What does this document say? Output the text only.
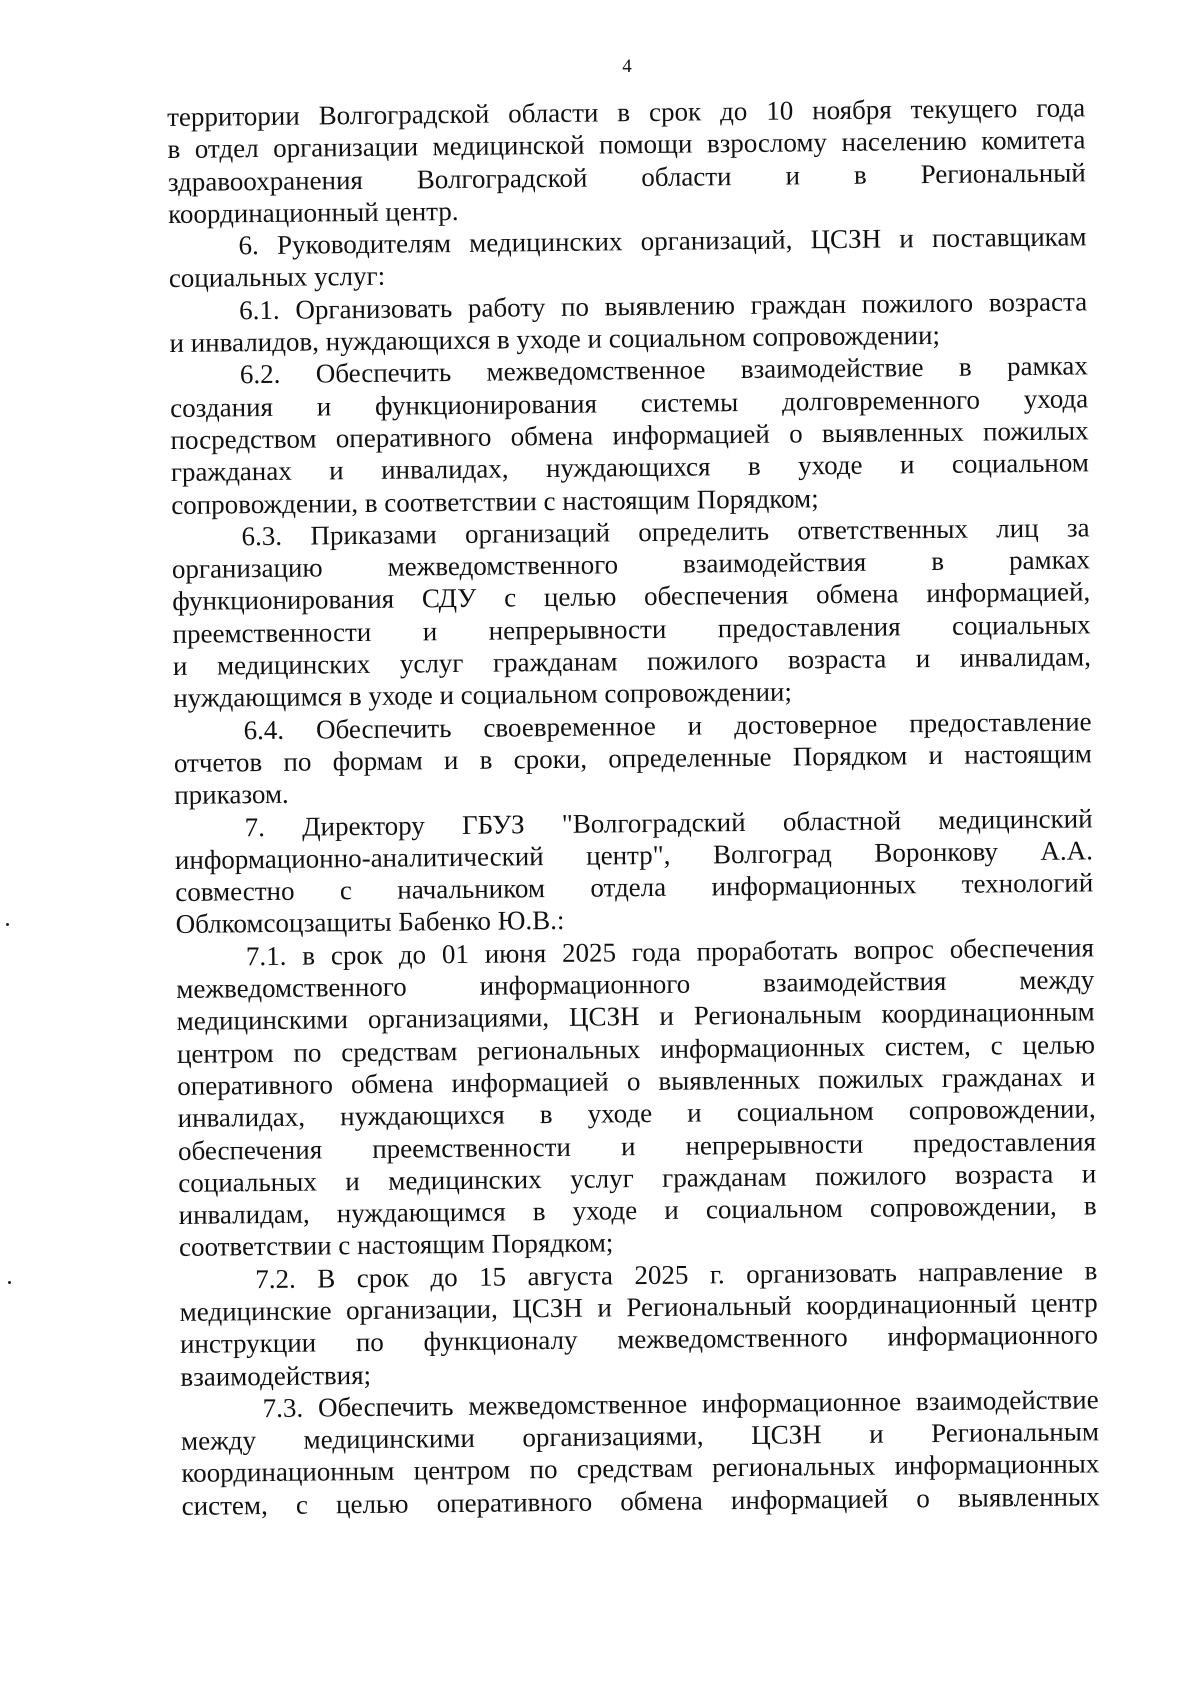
4
территории Волгоградской области в срок до 10 ноября текущего года
в отдел организации медицинской помощи взрослому населению комитета
здравоохранения Волгоградской области и в Региональный
координационный центр.
6. Руководителям медицинских организаций, ЦСЗН и поставщикам
социальных услуг:
6.1. Организовать работу по выявлению граждан пожилого возраста
и инвалидов, нуждающихся в уходе и социальном сопровождении;
6.2. Обеспечить межведомственное взаимодействие в рамках
создания и функционирования системы долговременного ухода
посредством оперативного обмена информацией о выявленных пожилых
гражданах и инвалидах, нуждающихся в уходе и социальном
сопровождении, в соответствии с настоящим Порядком;
6.3. Приказами организаций определить ответственных лиц за
организацию межведомственного взаимодействия в рамках
функционирования СДУ с целью обеспечения обмена информацией,
преемственности и непрерывности предоставления социальных
и медицинских услуг гражданам пожилого возраста и инвалидам,
нуждающимся в уходе и социальном сопровождении;
6.4. Обеспечить своевременное и достоверное предоставление
отчетов по формам и в сроки, определенные Порядком и настоящим
приказом.
7. Директору ГБУЗ "Волгоградский областной медицинский
информационно-аналитический центр", Волгоград Воронкову А.А.
совместно с начальником отдела информационных технологий
Облкомсоцзащиты Бабенко Ю.В.:
7.1. в срок до 01 июня 2025 года проработать вопрос обеспечения
межведомственного информационного взаимодействия между
медицинскими организациями, ЦСЗН и Региональным координационным
центром по средствам региональных информационных систем, с целью
оперативного обмена информацией о выявленных пожилых гражданах и
инвалидах, нуждающихся в уходе и социальном сопровождении,
обеспечения преемственности и непрерывности предоставления
социальных и медицинских услуг гражданам пожилого возраста и
инвалидам, нуждающимся в уходе и социальном сопровождении, в
соответствии с настоящим Порядком;
7.2. В срок до 15 августа 2025 г. организовать направление в
медицинские организации, ЦСЗН и Региональный координационный центр
инструкции по функционалу межведомственного информационного
взаимодействия;
7.3. Обеспечить межведомственное информационное взаимодействие
между медицинскими организациями, ЦСЗН и Региональным
координационным центром по средствам региональных информационных
систем, с целью оперативного обмена информацией о выявленных
